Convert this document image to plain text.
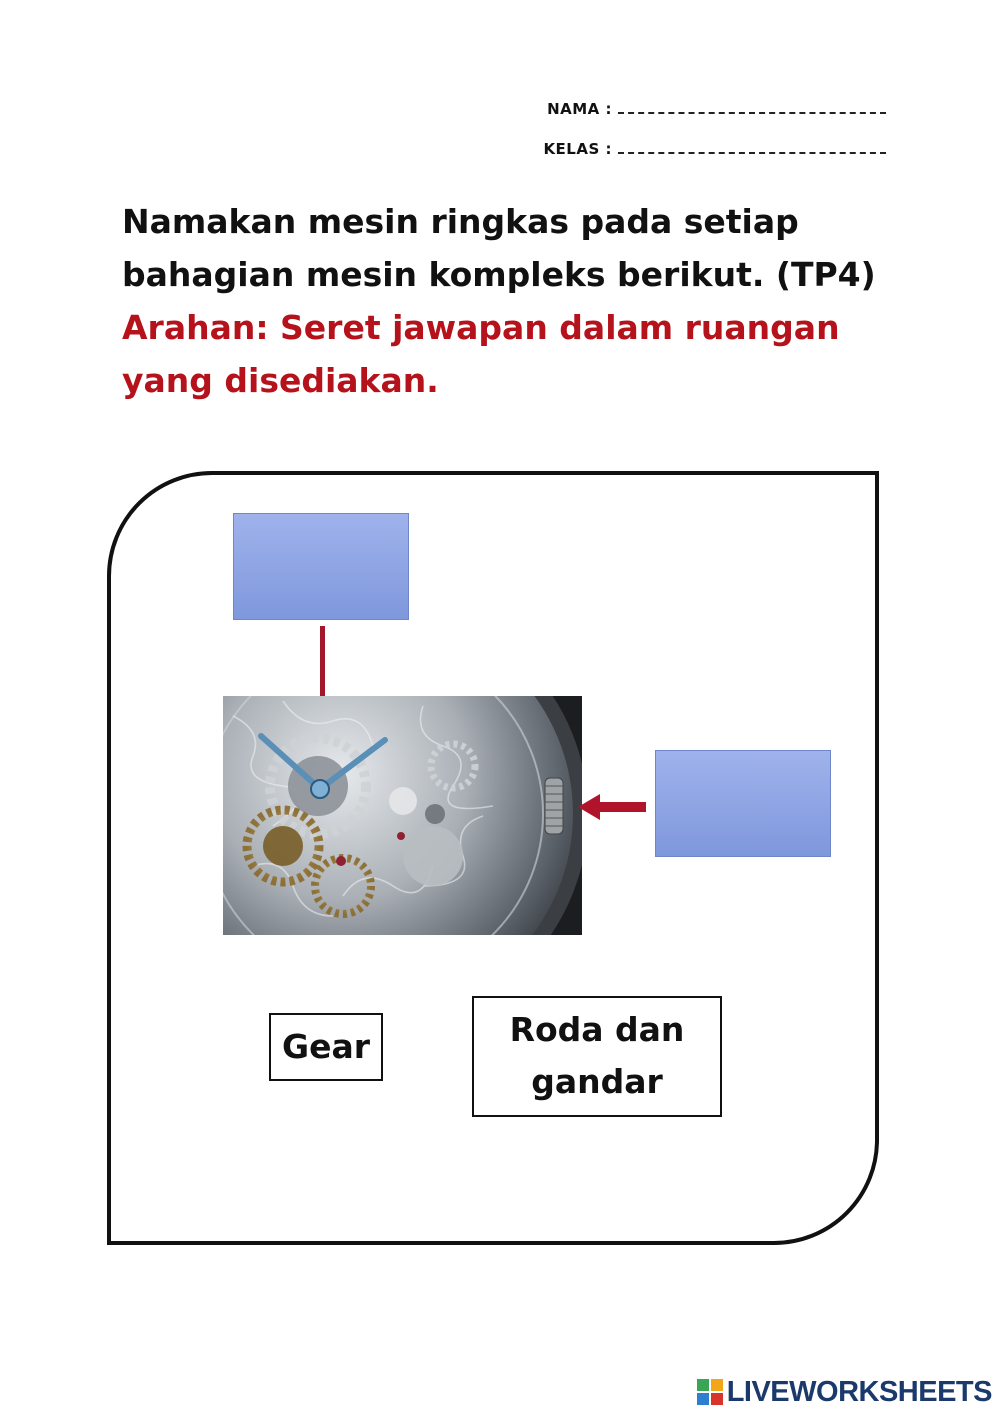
NAMA :
KELAS :
Namakan mesin ringkas pada setiap bahagian mesin kompleks berikut. (TP4)
Arahan: Seret jawapan dalam ruangan yang disediakan.
Gear	Roda dan gandar
LIVEWORKSHEETS
